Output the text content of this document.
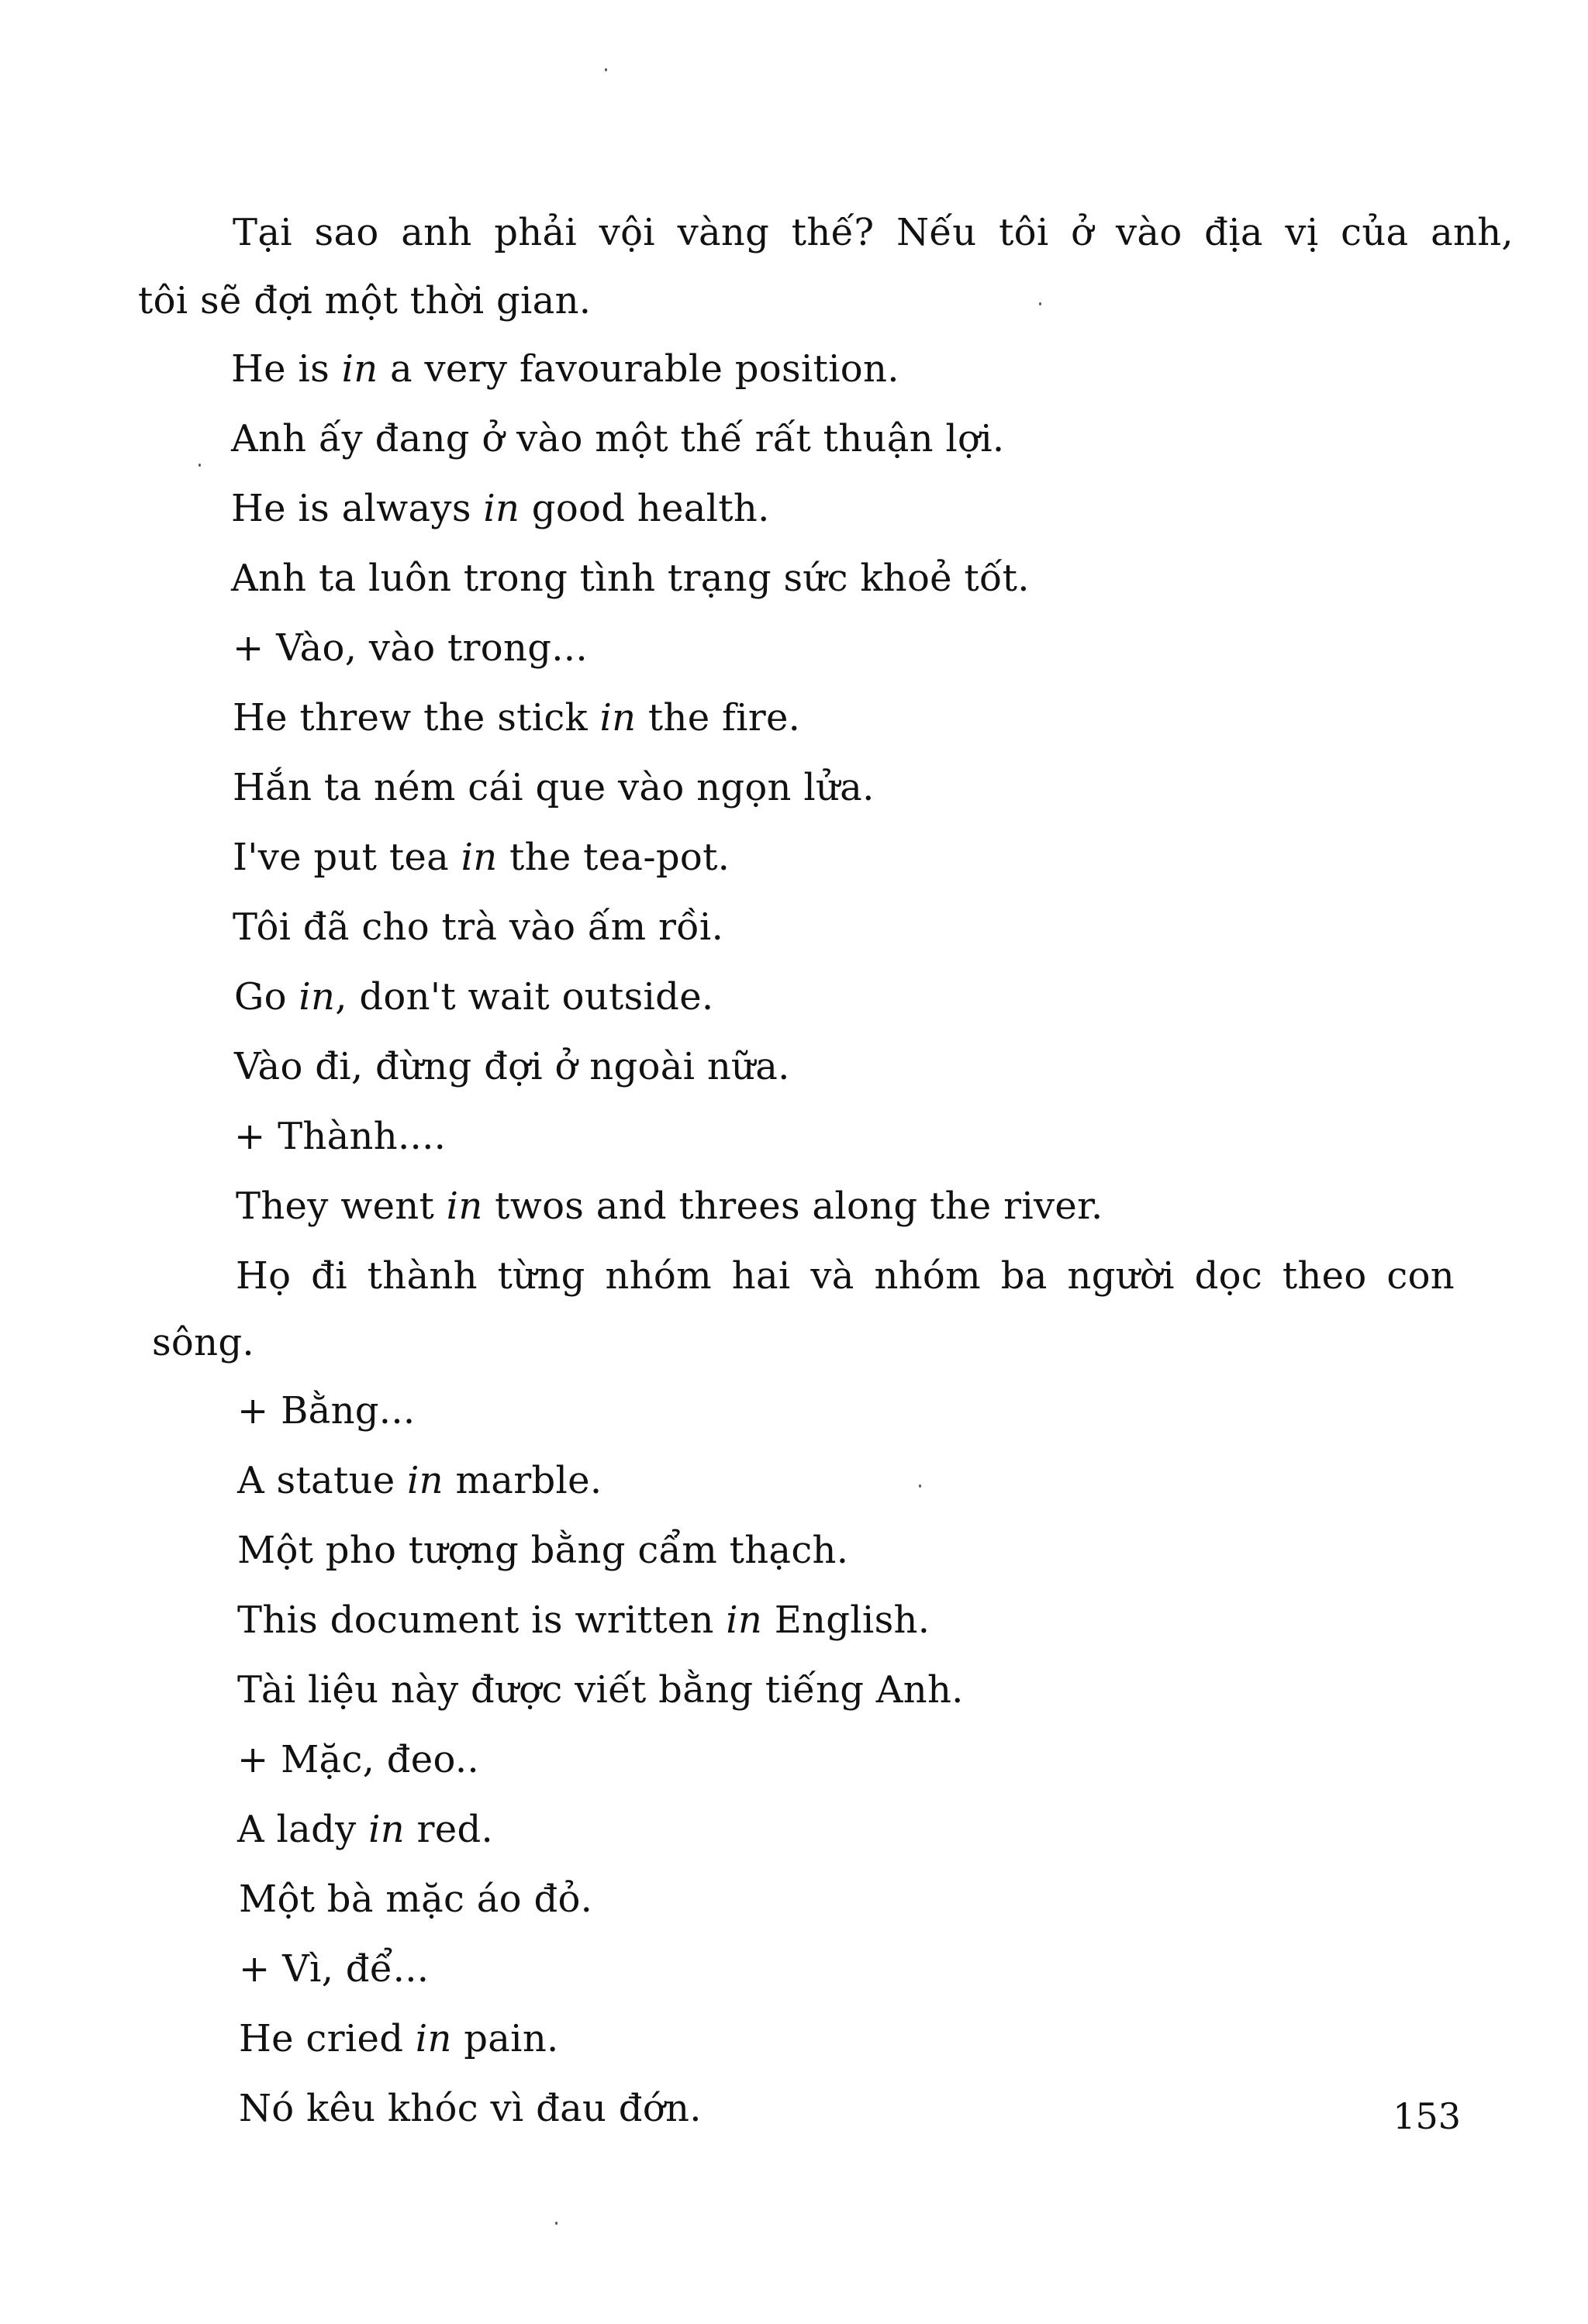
Tại sao anh phải vội vàng thế? Nếu tôi ở vào địa vị của anh,
tôi sẽ đợi một thời gian.
He is in a very favourable position.
Anh ấy đang ở vào một thế rất thuận lợi.
He is always in good health.
Anh ta luôn trong tình trạng sức khoẻ tốt.
+ Vào, vào trong...
He threw the stick in the fire.
Hắn ta ném cái que vào ngọn lửa.
I've put tea in the tea-pot.
Tôi đã cho trà vào ấm rồi.
Go in, don't wait outside.
Vào đi, đừng đợi ở ngoài nữa.
+ Thành....
They went in twos and threes along the river.
Họ đi thành từng nhóm hai và nhóm ba người dọc theo con
sông.
+ Bằng...
A statue in marble.
Một pho tượng bằng cẩm thạch.
This document is written in English.
Tài liệu này được viết bằng tiếng Anh.
+ Mặc, đeo..
A lady in red.
Một bà mặc áo đỏ.
+ Vì, để...
He cried in pain.
Nó kêu khóc vì đau đớn.	153
